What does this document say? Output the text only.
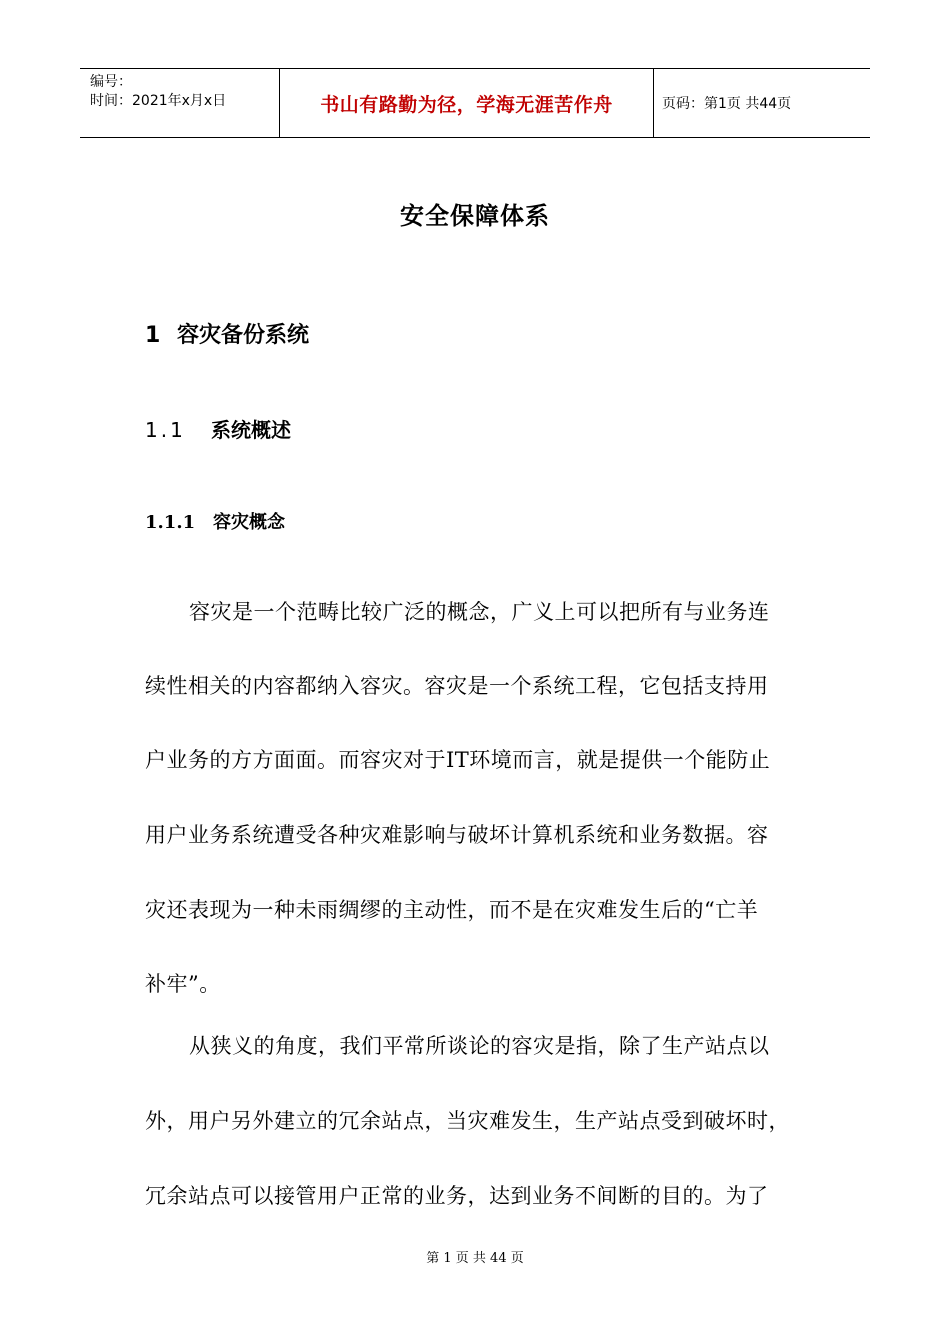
编号：
时间：2021年x月x日	书山有路勤为径，学海无涯苦作舟	页码：第1页 共44页
安全保障体系
1 容灾备份系统
1.1 系统概述
1.1.1 容灾概念
容灾是一个范畴比较广泛的概念，广义上可以把所有与业务连
续性相关的内容都纳入容灾。容灾是一个系统工程，它包括支持用
户业务的方方面面。而容灾对于IT环境而言，就是提供一个能防止
用户业务系统遭受各种灾难影响与破坏计算机系统和业务数据。容
灾还表现为一种未雨绸缪的主动性，而不是在灾难发生后的“亡羊
补牢”。
从狭义的角度，我们平常所谈论的容灾是指，除了生产站点以
外，用户另外建立的冗余站点，当灾难发生，生产站点受到破坏时，
冗余站点可以接管用户正常的业务，达到业务不间断的目的。为了
第 1 页 共 44 页
